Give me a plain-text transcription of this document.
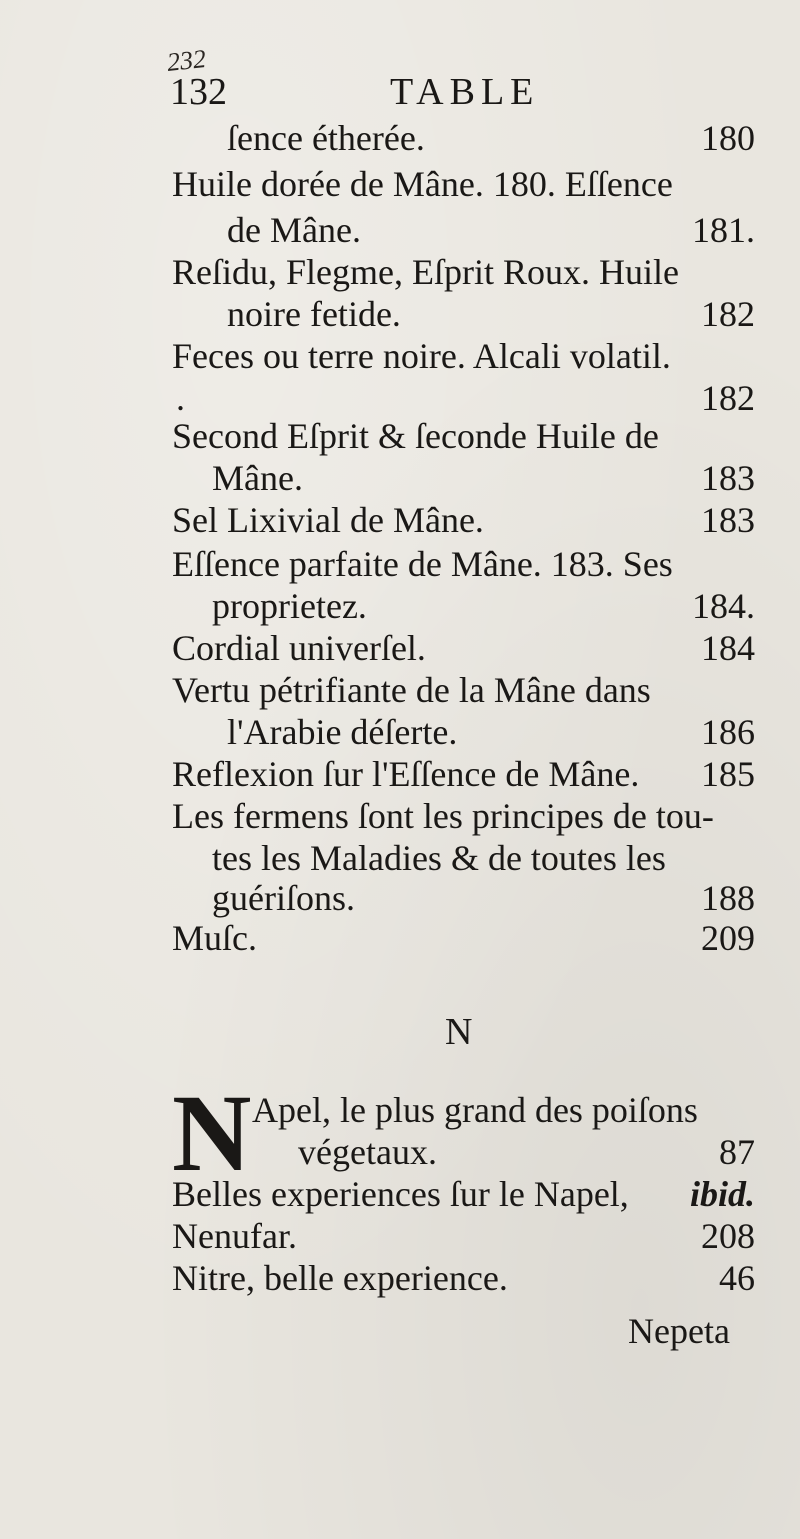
232
132	TABLE
ſence étherée.	180
Huile dorée de Mâne. 180. Eſſence
de Mâne.	181.
Reſidu, Flegme, Eſprit Roux. Huile
noire fetide.	182
Feces ou terre noire. Alcali volatil.
.	182
Second Eſprit & ſeconde Huile de
Mâne.	183
Sel Lixivial de Mâne.	183
Eſſence parfaite de Mâne. 183. Ses
proprietez.	184.
Cordial univerſel.	184
Vertu pétrifiante de la Mâne dans
l'Arabie déſerte.	186
Reflexion ſur l'Eſſence de Mâne. 185
Les fermens ſont les principes de tou-
tes les Maladies & de toutes les
guériſons.	188
Muſc.	209
N
N Apel, le plus grand des poiſons
végetaux.	87
Belles experiences ſur le Napel, ibid.
Nenufar.	208
Nitre, belle experience.	46
Nepeta
